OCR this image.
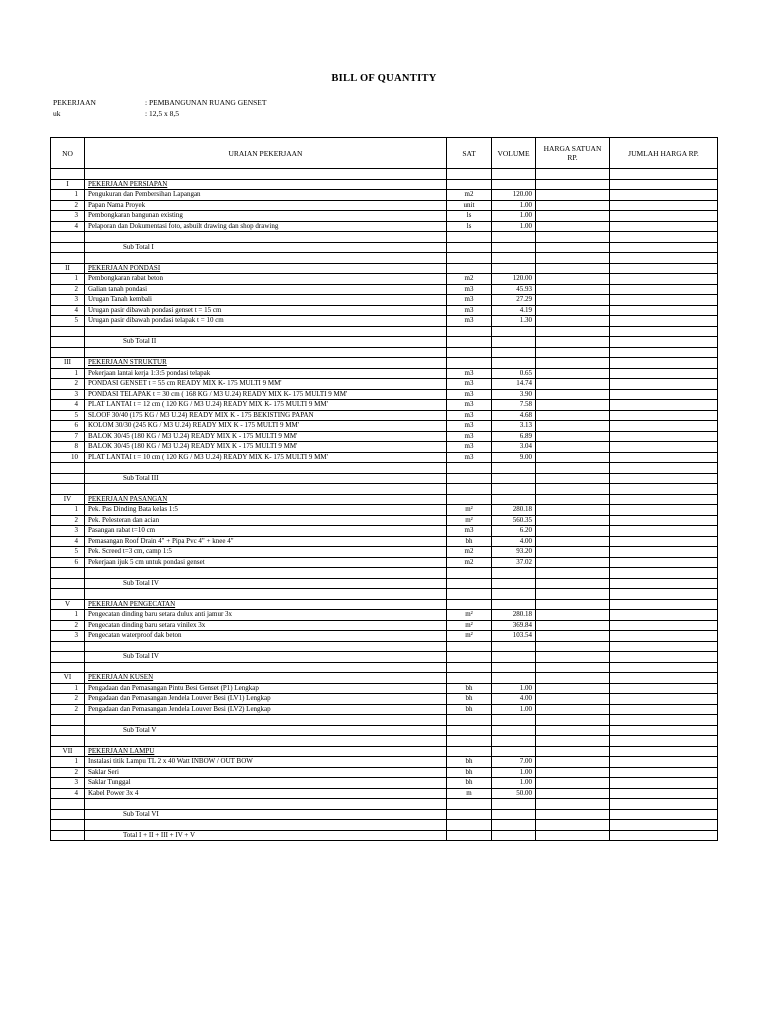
BILL OF QUANTITY
PEKERJAAN	: PEMBANGUNAN RUANG GENSET
uk	: 12,5 x 8,5
NO	URAIAN PEKERJAAN	SAT	VOLUME	HARGA SATUAN RP.	JUMLAH HARGA RP.

I	PEKERJAAN PERSIAPAN				
1	Pengukuran dan Pembersihan Lapangan	m2	120.00		
2	Papan Nama Proyek	unit	1.00		
3	Pembongkaran bangunan existing	ls	1.00		
4	Pelaporan dan Dokumentasi foto, asbuilt drawing dan shop drawing	ls	1.00		

	Sub Total I				

II	PEKERJAAN PONDASI				
1	Pembongkaran rabat beton	m2	120.00		
2	Galian tanah pondasi	m3	45.93		
3	Urugan Tanah kembali	m3	27.29		
4	Urugan pasir dibawah pondasi genset t = 15 cm	m3	4.19		
5	Urugan pasir dibawah pondasi telapak t = 10 cm	m3	1.30		

	Sub Total II				

III	PEKERJAAN STRUKTUR				
1	Pekerjaan lantai kerja 1:3:5 pondasi telapak	m3	0.65		
2	PONDASI GENSET t = 55 cm READY MIX K- 175 MULTI 9 MM'	m3	14.74		
3	PONDASI TELAPAK t = 30 cm ( 168 KG / M3 U.24) READY MIX K- 175 MULTI 9 MM'	m3	3.90		
4	PLAT LANTAI t = 12 cm ( 120 KG / M3 U.24) READY MIX K- 175 MULTI 9 MM'	m3	7.58		
5	SLOOF 30/40 (175 KG / M3 U.24) READY MIX K - 175 BEKISTING PAPAN	m3	4.68		
6	KOLOM 30/30 (245 KG / M3 U.24) READY MIX K - 175 MULTI 9 MM'	m3	3.13		
7	BALOK 30/45 (180 KG / M3 U.24) READY MIX K - 175 MULTI 9 MM'	m3	6.89		
8	BALOK 30/45 (180 KG / M3 U.24) READY MIX K - 175 MULTI 9 MM'	m3	3.04		
10	PLAT LANTAI t = 10 cm ( 120 KG / M3 U.24) READY MIX K- 175 MULTI 9 MM'	m3	9.00		

	Sub Total III				

IV	PEKERJAAN PASANGAN				
1	Pek. Pas Dinding Bata kelas 1:5	m²	280.18		
2	Pek. Pelesteran dan acian	m²	560.35		
3	Pasangan rabat t=10 cm	m3	6.20		
4	Pemasangan Roof Drain 4" + Pipa Pvc 4" + knee 4"	bh	4.00		
5	Pek. Screed t=3 cm, camp 1:5	m2	93.20		
6	Pekerjaan ijuk 5 cm untuk pondasi genset	m2	37.02		

	Sub Total IV				

V	PEKERJAAN PENGECATAN				
1	Pengecatan dinding baru setara dulux anti jamur 3x	m²	280.18		
2	Pengecatan dinding baru setara vinilex 3x	m²	369.84		
3	Pengecatan waterproof dak beton	m²	103.54		

	Sub Total IV				

VI	PEKERJAAN KUSEN				
1	Pengadaan dan Pemasangan Pintu Besi Genset (P1) Lengkap	bh	1.00		
2	Pengadaan dan Pemasangan Jendela Louver Besi (LV1) Lengkap	bh	4.00		
2	Pengadaan dan Pemasangan Jendela Louver Besi (LV2) Lengkap	bh	1.00		

	Sub Total V				

VII	PEKERJAAN LAMPU				
1	Instalasi titik Lampu TL 2 x 40 Watt INBOW / OUT BOW	bh	7.00		
2	Saklar Seri	bh	1.00		
3	Saklar Tunggal	bh	1.00		
4	Kabel Power 3x 4	m	50.00		

	Sub Total VI				

	Total I + II + III + IV + V				
